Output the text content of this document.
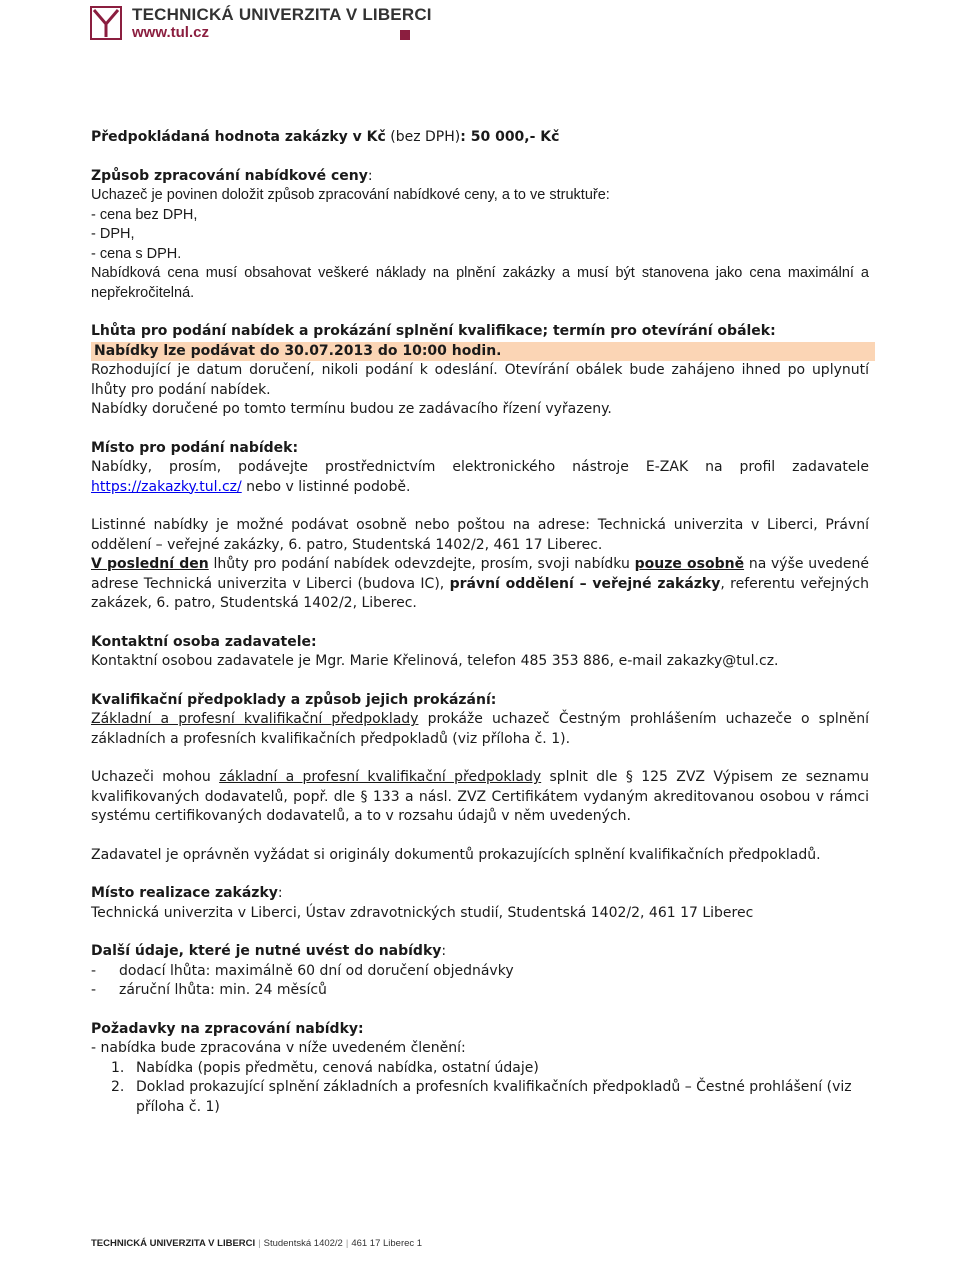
TECHNICKÁ UNIVERZITA V LIBERCI
www.tul.cz

Předpokládaná hodnota zakázky v Kč (bez DPH): 50 000,- Kč

Způsob zpracování nabídkové ceny:

Uchazeč je povinen doložit způsob zpracování nabídkové ceny, a to ve struktuře:

- cena bez DPH,

- DPH,

- cena s DPH.

Nabídková cena musí obsahovat veškeré náklady na plnění zakázky a musí být stanovena jako cena maximální a nepřekročitelná.

Lhůta pro podání nabídek a prokázání splnění kvalifikace; termín pro otevírání obálek:

Nabídky lze podávat do 30.07.2013 do 10:00 hodin.

Rozhodující je datum doručení, nikoli podání k odeslání. Otevírání obálek bude zahájeno ihned po uplynutí lhůty pro podání nabídek.

Nabídky doručené po tomto termínu budou ze zadávacího řízení vyřazeny.

Místo pro podání nabídek:

Nabídky, prosím, podávejte prostřednictvím elektronického nástroje E-ZAK na profil zadavatele https://zakazky.tul.cz/ nebo v listinné podobě.

Listinné nabídky je možné podávat osobně nebo poštou na adrese: Technická univerzita v Liberci, Právní oddělení – veřejné zakázky, 6. patro, Studentská 1402/2, 461 17 Liberec.

V poslední den lhůty pro podání nabídek odevzdejte, prosím, svoji nabídku pouze osobně na výše uvedené adrese Technická univerzita v Liberci (budova IC), právní oddělení – veřejné zakázky, referentu veřejných zakázek, 6. patro, Studentská 1402/2, Liberec.

Kontaktní osoba zadavatele:

Kontaktní osobou zadavatele je Mgr. Marie Křelinová, telefon 485 353 886, e-mail zakazky@tul.cz.

Kvalifikační předpoklady a způsob jejich prokázání:

Základní a profesní kvalifikační předpoklady prokáže uchazeč Čestným prohlášením uchazeče o splnění základních a profesních kvalifikačních předpokladů (viz příloha č. 1).

Uchazeči mohou základní a profesní kvalifikační předpoklady splnit dle § 125 ZVZ Výpisem ze seznamu kvalifikovaných dodavatelů, popř. dle § 133 a násl. ZVZ Certifikátem vydaným akreditovanou osobou v rámci systému certifikovaných dodavatelů, a to v rozsahu údajů v něm uvedených.

Zadavatel je oprávněn vyžádat si originály dokumentů prokazujících splnění kvalifikačních předpokladů.

Místo realizace zakázky:

Technická univerzita v Liberci, Ústav zdravotnických studií, Studentská 1402/2, 461 17 Liberec

Další údaje, které je nutné uvést do nabídky:

- dodací lhůta: maximálně 60 dní od doručení objednávky
- záruční lhůta: min. 24 měsíců

Požadavky na zpracování nabídky:

- nabídka bude zpracována v níže uvedeném členění:

1. Nabídka (popis předmětu, cenová nabídka, ostatní údaje)
2. Doklad prokazující splnění základních a profesních kvalifikačních předpokladů – Čestné prohlášení (viz příloha č. 1)
TECHNICKÁ UNIVERZITA V LIBERCI | Studentská 1402/2 | 461 17 Liberec 1
